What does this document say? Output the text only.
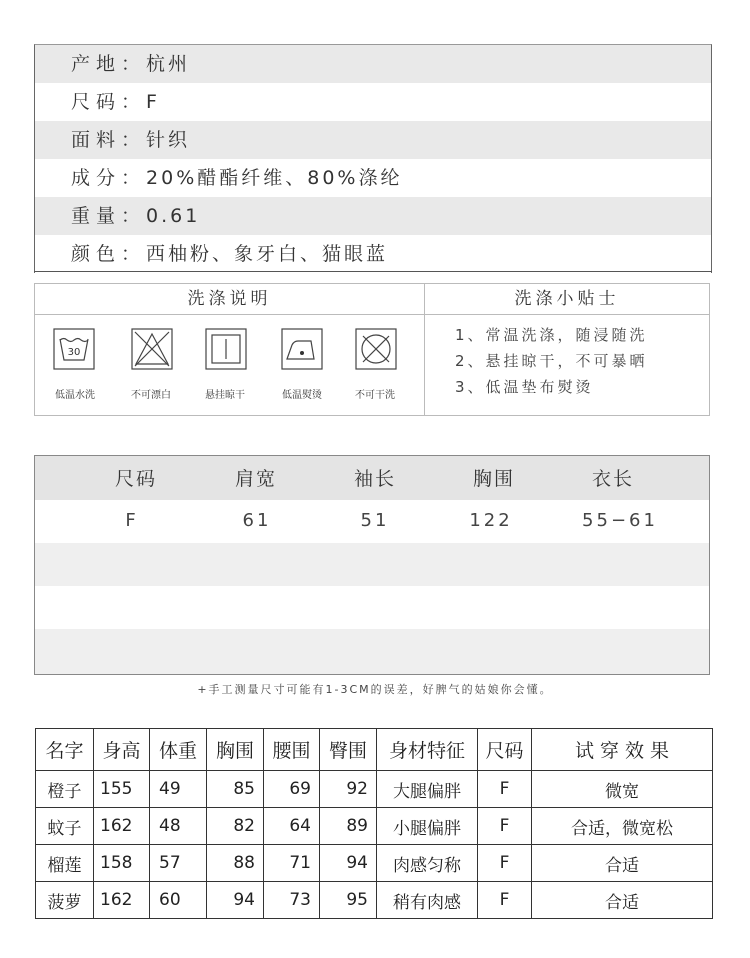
产地：杭州
尺码：F
面料：针织
成分：20%醋酯纤维、80%涤纶
重量：0.61
颜色：西柚粉、象牙白、猫眼蓝
洗涤说明	洗涤小贴士
30
低温水洗	不可漂白	悬挂晾干	低温熨烫	不可干洗
1、常温洗涤，随浸随洗
2、悬挂晾干，不可暴晒
3、低温垫布熨烫
尺码	肩宽	袖长	胸围	衣长
F	61	51	122	55−61
+手工测量尺寸可能有1-3CM的误差，好脾气的姑娘你会懂。
名字	身高	体重	胸围	腰围	臀围	身材特征	尺码	试 穿 效 果
橙子	155	49	85	69	92	大腿偏胖	F	微宽
蚊子	162	48	82	64	89	小腿偏胖	F	合适，微宽松
榴莲	158	57	88	71	94	肉感匀称	F	合适
菠萝	162	60	94	73	95	稍有肉感	F	合适
